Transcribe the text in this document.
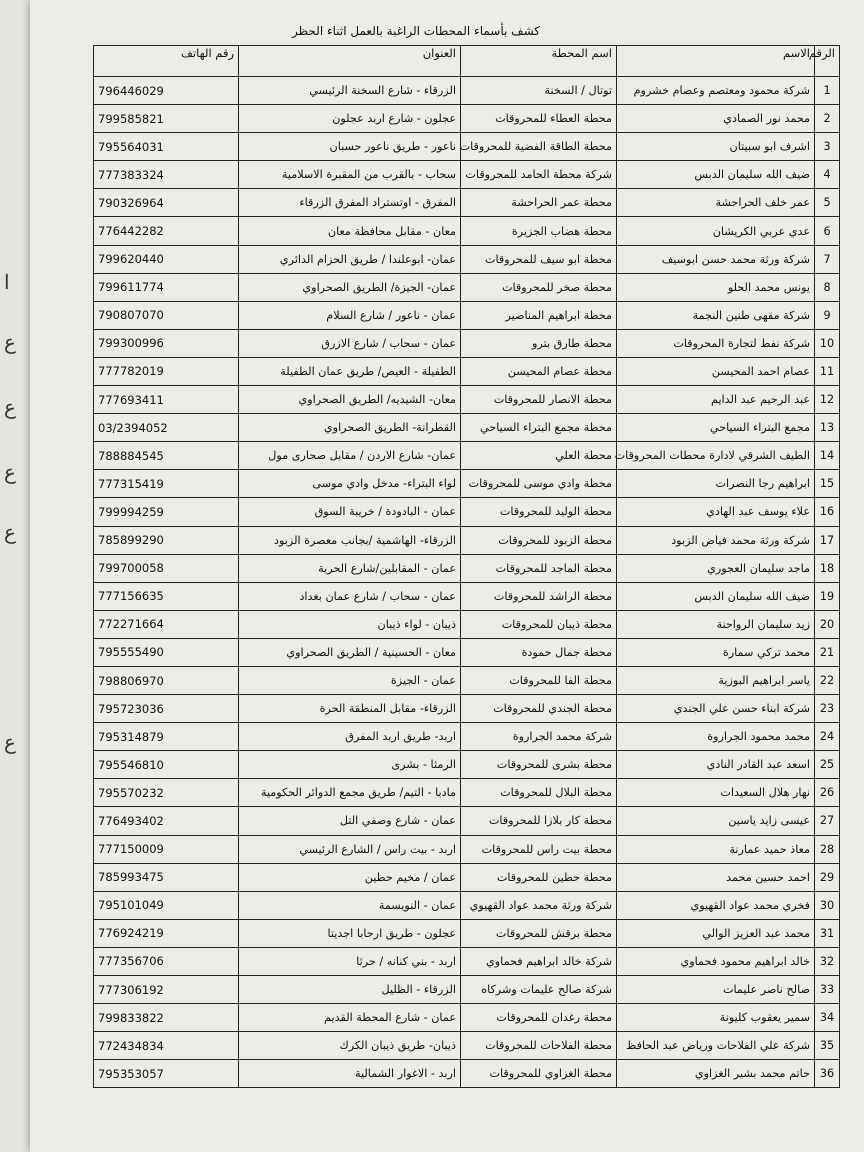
ا
ع
ع
ع
ع
ع
كشف بأسماء المحطات الراغبة بالعمل اثناء الحظر
الرقم	الاسم	اسم المحطة	العنوان	رقم الهاتف
1	شركة محمود ومعتصم وعصام خشروم	توتال / السخنة	الزرقاء - شارع السخنة الرئيسي	796446029
2	محمد نور الصمادي	محطة العطاء للمحروقات	عجلون - شارع اربد عجلون	799585821
3	اشرف ابو سبيتان	محطة الطاقة الفضية للمحروقات	ناعور - طريق ناعور حسبان	795564031
4	ضيف الله سليمان الدبس	شركة محطة الحامد للمحروقات	سحاب - بالقرب من المقبرة الاسلامية	777383324
5	عمر خلف الحراحشة	محطة عمر الحراحشة	المفرق - اوتستراد المفرق الزرقاء	790326964
6	عدي عربي الكريشان	محطة هضاب الجزيرة	معان - مقابل محافظة معان	776442282
7	شركة ورثة محمد حسن ابوسيف	محطة ابو سيف للمحروقات	عمان- ابوعلندا / طريق الحزام الدائري	799620440
8	يونس محمد الحلو	محطة صخر للمحروقات	عمان- الجيزة/ الطريق الصحراوي	799611774
9	شركة مقهى طنين النجمة	محطة ابراهيم المناصير	عمان - ناعور / شارع السلام	790807070
10	شركة نفط لتجارة المحروقات	محطة طارق بترو	عمان - سحاب / شارع الازرق	799300996
11	عصام احمد المحيسن	محطة عصام المحيسن	الطفيلة - العيص/ طريق عمان الطفيلة	777782019
12	عبد الرحيم عبد الدايم	محطة الانصار للمحروقات	معان- الشيديه/ الطريق الصحراوي	777693411
13	مجمع البتراء السياحي	محطة مجمع البتراء السياحي	القطرانة- الطريق الصحراوي	03/2394052
14	الطيف الشرقي لادارة محطات المحروقات	محطة العلي	عمان- شارع الاردن / مقابل صحارى مول	788884545
15	ابراهيم رجا النصرات	محطة وادي موسى للمحروقات	لواء البتراء- مدخل وادي موسى	777315419
16	علاء يوسف عبد الهادي	محطة الوليد للمحروقات	عمان - البادودة / خريبة السوق	799994259
17	شركة ورثة محمد فياض الزبود	محطة الزبود للمحروقات	الزرقاء- الهاشمية /بجانب معصرة الزبود	785899290
18	ماجد سليمان العجوري	محطة الماجد للمحروقات	عمان - المقابلين/شارع الحرية	799700058
19	ضيف الله سليمان الدبس	محطة الراشد للمحروقات	عمان - سحاب / شارع عمان بغداد	777156635
20	زيد سليمان الرواحنة	محطة ذيبان للمحروقات	ذيبان - لواء ذيبان	772271664
21	محمد تركي سمارة	محطة جمال حمودة	معان - الحسينية / الطريق الصحراوي	795555490
22	ياسر ابراهيم البوزية	محطة الفا للمحروقات	عمان - الجيزة	798806970
23	شركة ابناء حسن علي الجندي	محطة الجندي للمحروقات	الزرقاء- مقابل المنطقة الحرة	795723036
24	محمد محمود الجراروة	شركة محمد الجراروة	اربد- طريق اربد المفرق	795314879
25	اسعد عبد القادر النادي	محطة بشرى للمحروقات	الرمثا - بشرى	795546810
26	نهار هلال السعيدات	محطة البلال للمحروقات	مادبا - التيم/ طريق مجمع الدوائر الحكومية	795570232
27	عيسى زايد ياسين	محطة كار بلازا للمحروقات	عمان - شارع وصفي التل	776493402
28	معاذ حميد عمارنة	محطة بيت راس للمحروقات	اربد - بيت راس / الشارع الرئيسي	777150009
29	احمد حسين محمد	محطة حطين للمحروقات	عمان / مخيم حطين	785993475
30	فخري محمد عواد القهيوي	شركة ورثة محمد عواد القهيوي	عمان - النويسمة	795101049
31	محمد عبد العزيز الوالي	محطة برقش للمحروقات	عجلون - طريق ارحابا اجديتا	776924219
32	خالد ابراهيم محمود فحماوي	شركة خالد ابراهيم فحماوي	اربد - بني كنانه / حرثا	777356706
33	صالح ناصر عليمات	شركة صالح عليمات وشركاه	الزرقاء - الظليل	777306192
34	سمير يعقوب كليونة	محطة رغدان للمحروقات	عمان - شارع المحطة القديم	799833822
35	شركة علي الفلاحات ورياض عبد الحافظ	محطة الفلاحات للمحروقات	ذيبان- طريق ذيبان الكرك	772434834
36	حاتم محمد بشير الغزاوي	محطة الغزاوي للمحروقات	اربد - الاغوار الشمالية	795353057
